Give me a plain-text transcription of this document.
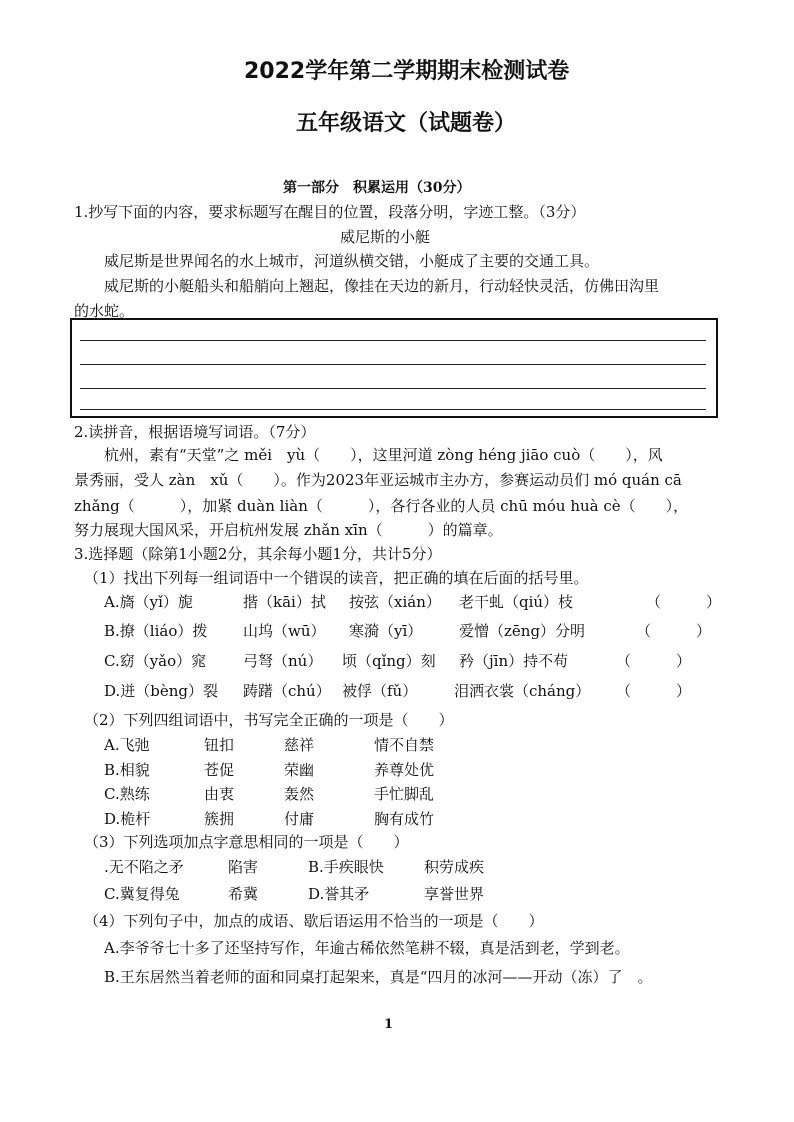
2022学年第二学期期末检测试卷
五年级语文（试题卷）
第一部分　积累运用（30分）
1.抄写下面的内容，要求标题写在醒目的位置，段落分明，字迹工整。（3分）
威尼斯的小艇
威尼斯是世界闻名的水上城市，河道纵横交错，小艇成了主要的交通工具。
威尼斯的小艇船头和船艄向上翘起，像挂在天边的新月，行动轻快灵活，仿佛田沟里
的水蛇。
2.读拼音，根据语境写词语。（7分）
杭州，素有“天堂”之 měi　yù（　　），这里河道 zòng héng jiāo cuò（　　），风
景秀丽，受人 zàn　xǔ（　　）。作为2023年亚运城市主办方，参赛运动员们 mó quán cā
zhǎng（　　　），加紧 duàn liàn（　　　），各行各业的人员 chū móu huà cè（　　），
努力展现大国风采，开启杭州发展 zhǎn xīn（　　　）的篇章。
3.选择题（除第1小题2分，其余每小题1分，共计5分）
（1）找出下列每一组词语中一个错误的读音，把正确的填在后面的括号里。
A.旖（yǐ）旎	揩（kāi）拭 按弦（xián） 老干虬（qiú）枝	（　　　）
B.撩（liáo）拨 山坞（wū） 寒漪（yī） 爱憎（zēng）分明	（　　　）
C.窈（yǎo）窕 弓弩（nú） 顷（qǐng）刻 矜（jīn）持不苟	（　　　）
D.迸（bèng）裂 踌躇（chú） 被俘（fǔ） 泪洒衣裳（cháng） （　　　）
（2）下列四组词语中，书写完全正确的一项是（　　）
A.飞弛	钮扣	慈祥	情不自禁
B.相貌	苍促	荣幽	养尊处优
C.熟练	由衷	轰然	手忙脚乱
D.桅杆	簇拥	付庸	胸有成竹
（3）下列选项加点字意思相同的一项是（　　）
.无不陷之矛	陷害	B.手疾眼快	积劳成疾
C.冀复得兔	希冀	D.誉其矛	享誉世界
（4）下列句子中，加点的成语、歇后语运用不恰当的一项是（　　）
A.李爷爷七十多了还坚持写作，年逾古稀依然笔耕不辍，真是活到老，学到老。
B.王东居然当着老师的面和同桌打起架来，真是“四月的冰河——开动（冻）了　。
1
